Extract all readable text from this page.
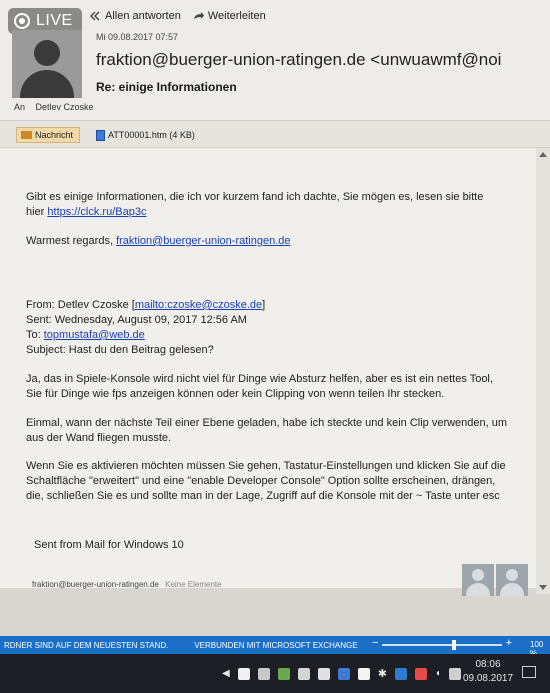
LIVE	Allen antworten Weiterleiten
Mi 09.08.2017 07:57
fraktion@buerger-union-ratingen.de <unwuawmf@noi
Re: einige Informationen
An Detlev Czoske
Nachricht	ATT00001.htm (4 KB)
Gibt es einige Informationen, die ich vor kurzem fand ich dachte, Sie mögen es, lesen sie bitte
hier https://clck.ru/Bap3c
Warmest regards, fraktion@buerger-union-ratingen.de
From: Detlev Czoske [mailto:czoske@czoske.de]
Sent: Wednesday, August 09, 2017 12:56 AM
To: topmustafa@web.de
Subject: Hast du den Beitrag gelesen?
Ja, das in Spiele-Konsole wird nicht viel für Dinge wie Absturz helfen, aber es ist ein nettes Tool,
Sie für Dinge wie fps anzeigen können oder kein Clipping von wenn teilen Ihr stecken.
Einmal, wann der nächste Teil einer Ebene geladen, habe ich steckte und kein Clip verwenden, um
aus der Wand fliegen musste.
Wenn Sie es aktivieren möchten müssen Sie gehen, Tastatur-Einstellungen und klicken Sie auf die
Schaltfläche "erweitert" und eine "enable Developer Console" Option sollte erscheinen, drängen,
die, schließen Sie es und sollte man in der Lage, Zugriff auf die Konsole mit der ~ Taste unter esc
Sent from Mail for Windows 10
fraktion@buerger-union-ratingen.de Keine Elemente
RDNER SIND AUF DEM NEUESTEN STAND.	VERBUNDEN MIT MICROSOFT EXCHANGE −	+ 100
◀	✱	◖
08:06
09.08.2017
